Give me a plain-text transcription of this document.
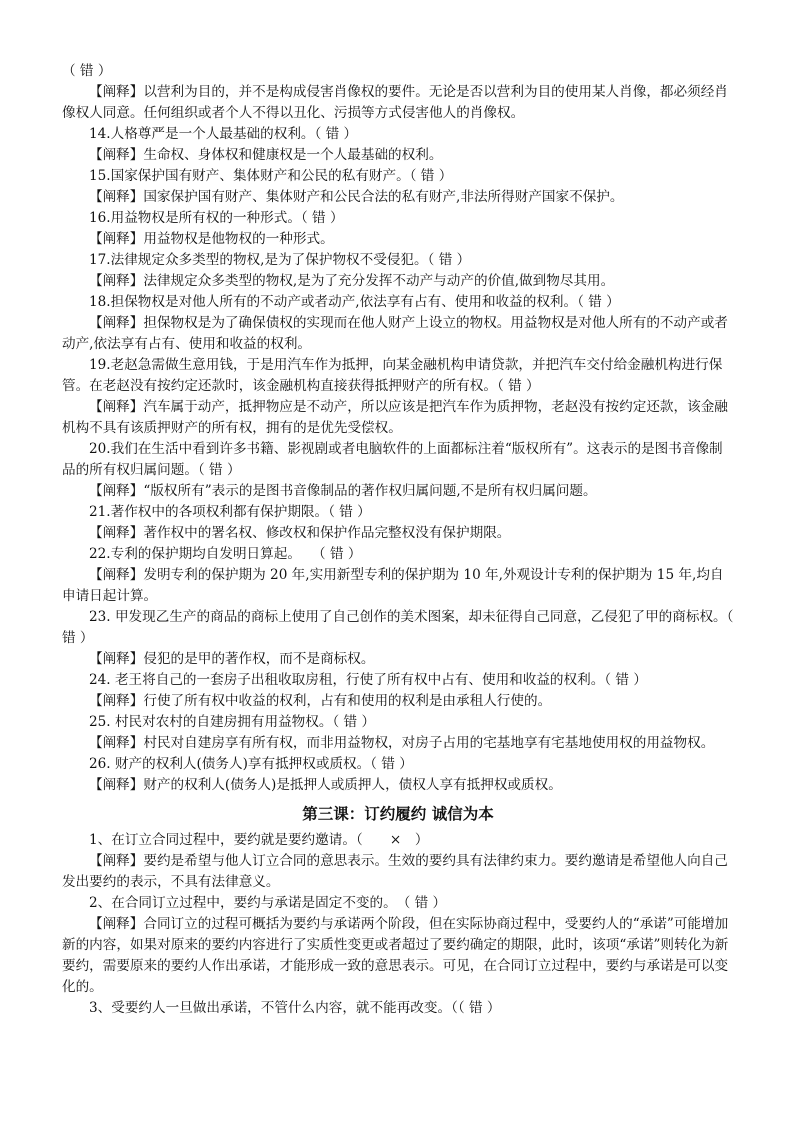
（ 错 ）

【阐释】以营利为目的，并不是构成侵害肖像权的要件。无论是否以营利为目的使用某人肖像，都必须经肖像权人同意。任何组织或者个人不得以丑化、污损等方式侵害他人的肖像权。

14.人格尊严是一个人最基础的权利。（ 错 ）

【阐释】生命权、身体权和健康权是一个人最基础的权利。

15.国家保护国有财产、集体财产和公民的私有财产。（ 错 ）

【阐释】国家保护国有财产、集体财产和公民合法的私有财产,非法所得财产国家不保护。

16.用益物权是所有权的一种形式。（ 错 ）

【阐释】用益物权是他物权的一种形式。

17.法律规定众多类型的物权,是为了保护物权不受侵犯。（ 错 ）

【阐释】法律规定众多类型的物权,是为了充分发挥不动产与动产的价值,做到物尽其用。

18.担保物权是对他人所有的不动产或者动产,依法享有占有、使用和收益的权利。（ 错 ）

【阐释】担保物权是为了确保债权的实现而在他人财产上设立的物权。用益物权是对他人所有的不动产或者动产,依法享有占有、使用和收益的权利。

19.老赵急需做生意用钱，于是用汽车作为抵押，向某金融机构申请贷款，并把汽车交付给金融机构进行保管。在老赵没有按约定还款时，该金融机构直接获得抵押财产的所有权。（ 错 ）

【阐释】汽车属于动产，抵押物应是不动产，所以应该是把汽车作为质押物，老赵没有按约定还款，该金融机构不具有该质押财产的所有权，拥有的是优先受偿权。

20.我们在生活中看到许多书籍、影视剧或者电脑软件的上面都标注着“版权所有”。这表示的是图书音像制品的所有权归属问题。（ 错 ）

【阐释】“版权所有”表示的是图书音像制品的著作权归属问题,不是所有权归属问题。

21.著作权中的各项权利都有保护期限。（ 错 ）

【阐释】著作权中的署名权、修改权和保护作品完整权没有保护期限。

22.专利的保护期均自发明日算起。　 （ 错 ）

【阐释】发明专利的保护期为 20 年,实用新型专利的保护期为 10 年,外观设计专利的保护期为 15 年,均自申请日起计算。

23. 甲发现乙生产的商品的商标上使用了自己创作的美术图案，却未征得自己同意，乙侵犯了甲的商标权。（ 错 ）

【阐释】侵犯的是甲的著作权，而不是商标权。

24. 老王将自己的一套房子出租收取房租，行使了所有权中占有、使用和收益的权利。（ 错 ）

【阐释】行使了所有权中收益的权利，占有和使用的权利是由承租人行使的。

25. 村民对农村的自建房拥有用益物权。（ 错 ）

【阐释】村民对自建房享有所有权，而非用益物权，对房子占用的宅基地享有宅基地使用权的用益物权。

26. 财产的权利人(债务人)享有抵押权或质权。（ 错 ）

【阐释】财产的权利人(债务人)是抵押人或质押人，债权人享有抵押权或质权。

第三课：订约履约 诚信为本

1、在订立合同过程中，要约就是要约邀请。（　　×　）

【阐释】要约是希望与他人订立合同的意思表示。生效的要约具有法律约束力。要约邀请是希望他人向自己发出要约的表示，不具有法律意义。

2、在合同订立过程中，要约与承诺是固定不变的。　（ 错 ）

【阐释】合同订立的过程可概括为要约与承诺两个阶段，但在实际协商过程中，受要约人的“承诺”可能增加新的内容，如果对原来的要约内容进行了实质性变更或者超过了要约确定的期限，此时，该项“承诺”则转化为新要约，需要原来的要约人作出承诺，才能形成一致的意思表示。可见，在合同订立过程中，要约与承诺是可以变化的。

3、受要约人一旦做出承诺，不管什么内容，就不能再改变。（（ 错 ）
